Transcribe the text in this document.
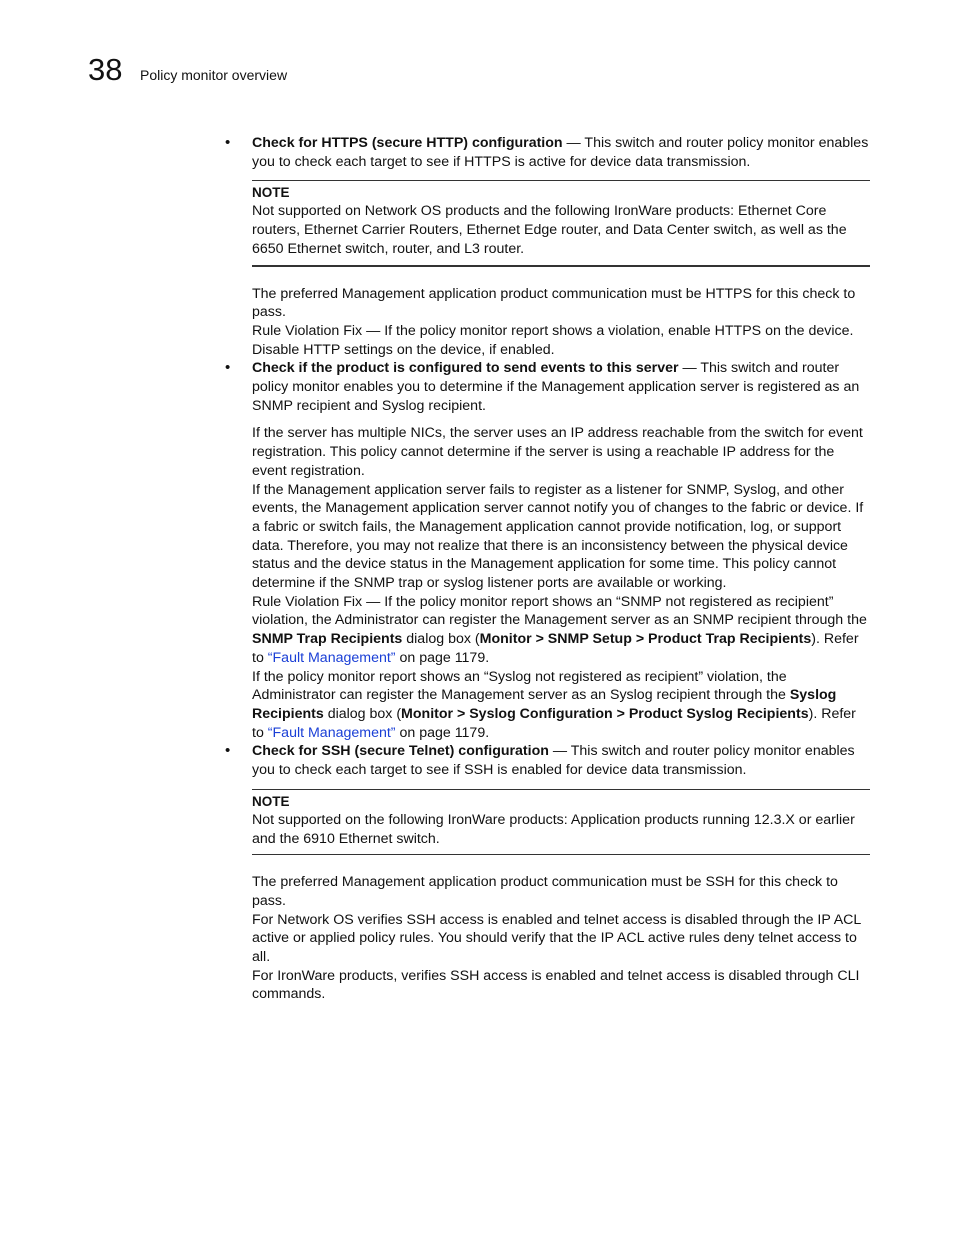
38 Policy monitor overview
• Check for HTTPS (secure HTTP) configuration — This switch and router policy monitor enables you to check each target to see if HTTPS is active for device data transmission.

NOTE
Not supported on Network OS products and the following IronWare products: Ethernet Core routers, Ethernet Carrier Routers, Ethernet Edge router, and Data Center switch, as well as the 6650 Ethernet switch, router, and L3 router.

The preferred Management application product communication must be HTTPS for this check to pass.

Rule Violation Fix — If the policy monitor report shows a violation, enable HTTPS on the device. Disable HTTP settings on the device, if enabled.

• Check if the product is configured to send events to this server — This switch and router policy monitor enables you to determine if the Management application server is registered as an SNMP recipient and Syslog recipient.

If the server has multiple NICs, the server uses an IP address reachable from the switch for event registration. This policy cannot determine if the server is using a reachable IP address for the event registration.

If the Management application server fails to register as a listener for SNMP, Syslog, and other events, the Management application server cannot notify you of changes to the fabric or device. If a fabric or switch fails, the Management application cannot provide notification, log, or support data. Therefore, you may not realize that there is an inconsistency between the physical device status and the device status in the Management application for some time. This policy cannot determine if the SNMP trap or syslog listener ports are available or working.

Rule Violation Fix — If the policy monitor report shows an “SNMP not registered as recipient” violation, the Administrator can register the Management server as an SNMP recipient through the SNMP Trap Recipients dialog box (Monitor > SNMP Setup > Product Trap Recipients). Refer to “Fault Management” on page 1179.

If the policy monitor report shows an “Syslog not registered as recipient” violation, the Administrator can register the Management server as an Syslog recipient through the Syslog Recipients dialog box (Monitor > Syslog Configuration > Product Syslog Recipients). Refer to “Fault Management” on page 1179.

• Check for SSH (secure Telnet) configuration — This switch and router policy monitor enables you to check each target to see if SSH is enabled for device data transmission.

NOTE
Not supported on the following IronWare products: Application products running 12.3.X or earlier and the 6910 Ethernet switch.

The preferred Management application product communication must be SSH for this check to pass.

For Network OS verifies SSH access is enabled and telnet access is disabled through the IP ACL active or applied policy rules. You should verify that the IP ACL active rules deny telnet access to all.

For IronWare products, verifies SSH access is enabled and telnet access is disabled through CLI commands.
